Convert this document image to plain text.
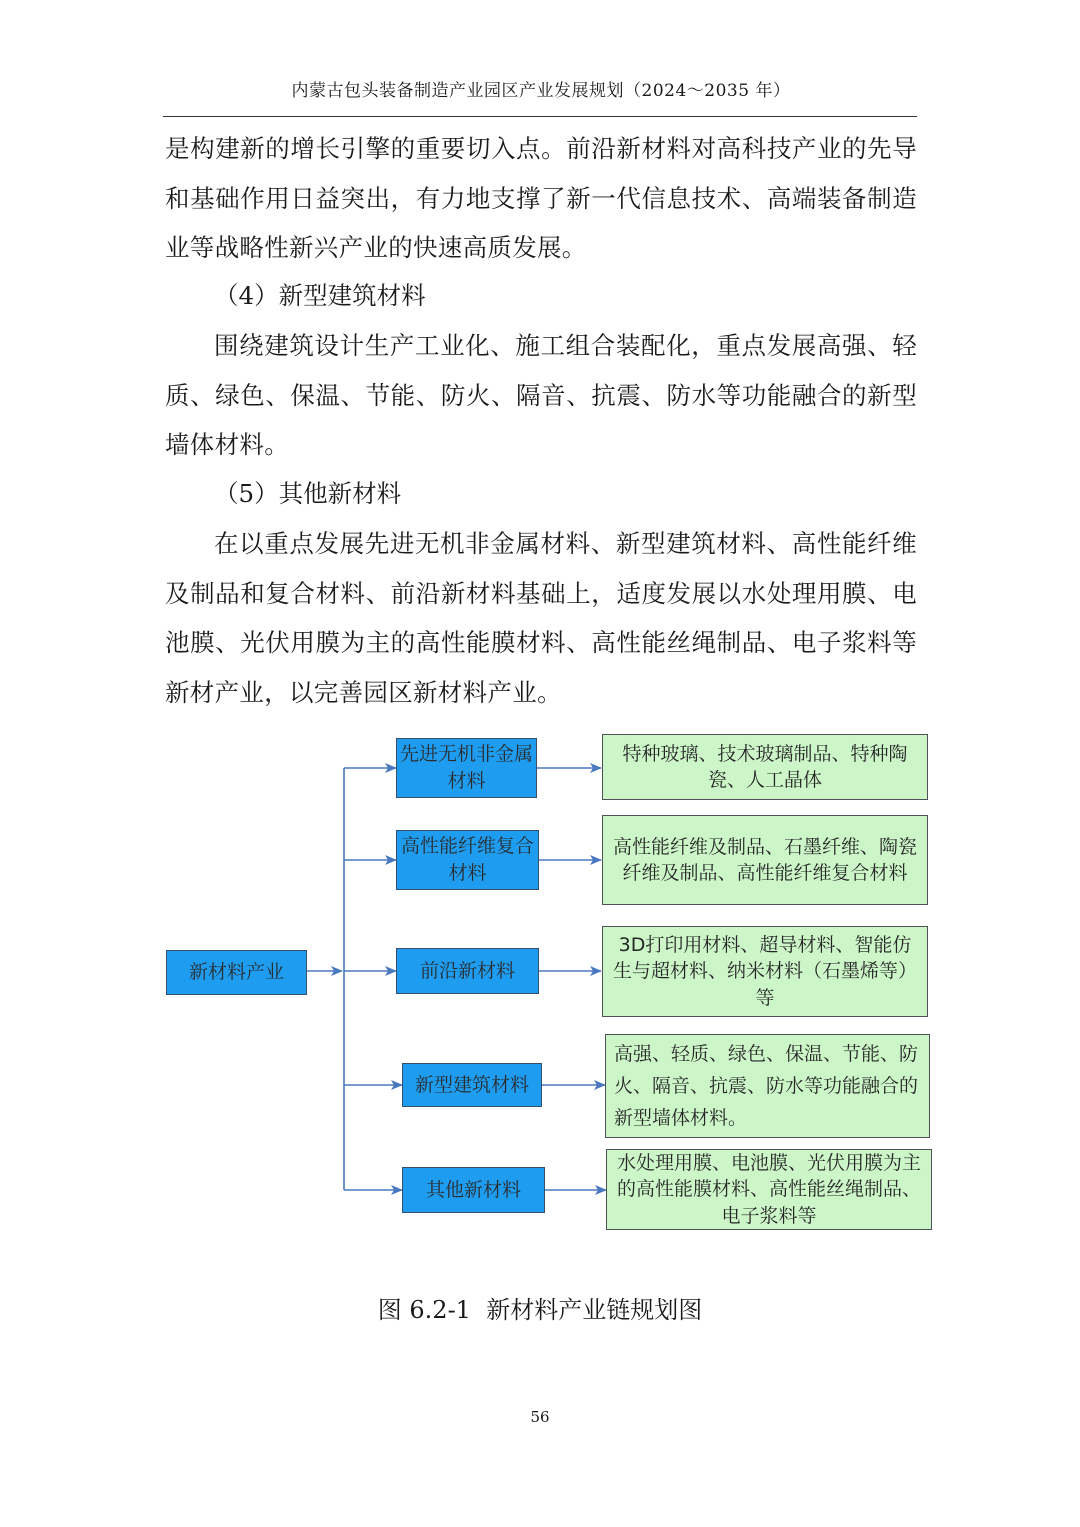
内蒙古包头装备制造产业园区产业发展规划（2024～2035 年）

是构建新的增长引擎的重要切入点。前沿新材料对高科技产业的先导和基础作用日益突出，有力地支撑了新一代信息技术、高端装备制造业等战略性新兴产业的快速高质发展。

（4）新型建筑材料

围绕建筑设计生产工业化、施工组合装配化，重点发展高强、轻质、绿色、保温、节能、防火、隔音、抗震、防水等功能融合的新型墙体材料。

（5）其他新材料

在以重点发展先进无机非金属材料、新型建筑材料、高性能纤维及制品和复合材料、前沿新材料基础上，适度发展以水处理用膜、电池膜、光伏用膜为主的高性能膜材料、高性能丝绳制品、电子浆料等新材产业，以完善园区新材料产业。

新材料产业
先进无机非金属材料
高性能纤维复合材料
前沿新材料
新型建筑材料
其他新材料
特种玻璃、技术玻璃制品、特种陶瓷、人工晶体
高性能纤维及制品、石墨纤维、陶瓷纤维及制品、高性能纤维复合材料
3D打印用材料、超导材料、智能仿生与超材料、纳米材料（石墨烯等）等
高强、轻质、绿色、保温、节能、防火、隔音、抗震、防水等功能融合的新型墙体材料。
水处理用膜、电池膜、光伏用膜为主的高性能膜材料、高性能丝绳制品、电子浆料等
图 6.2-1  新材料产业链规划图
56
